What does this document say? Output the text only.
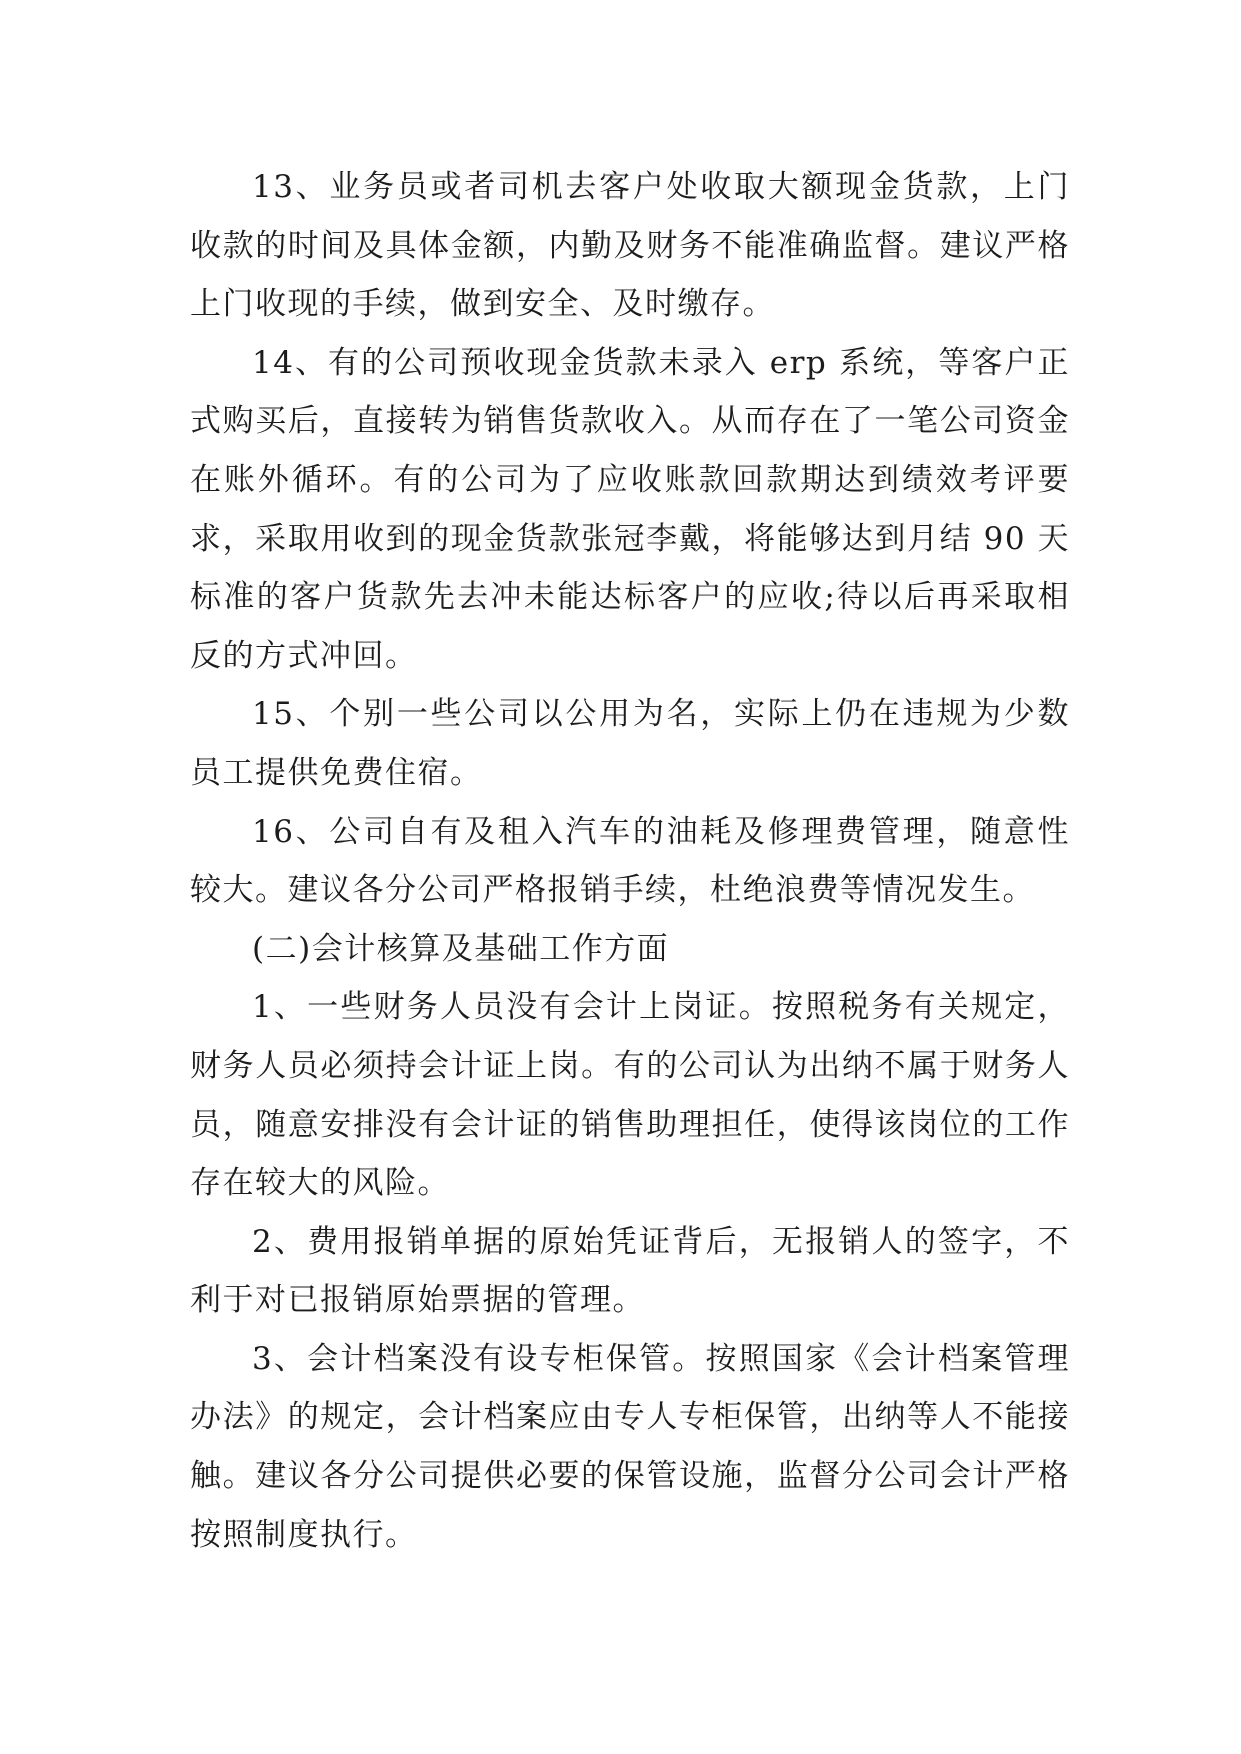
13、业务员或者司机去客户处收取大额现金货款，上门收款的时间及具体金额，内勤及财务不能准确监督。建议严格上门收现的手续，做到安全、及时缴存。

14、有的公司预收现金货款未录入 erp 系统，等客户正式购买后，直接转为销售货款收入。从而存在了一笔公司资金在账外循环。有的公司为了应收账款回款期达到绩效考评要求，采取用收到的现金货款张冠李戴，将能够达到月结 90 天标准的客户货款先去冲未能达标客户的应收;待以后再采取相反的方式冲回。

15、个别一些公司以公用为名，实际上仍在违规为少数员工提供免费住宿。

16、公司自有及租入汽车的油耗及修理费管理，随意性较大。建议各分公司严格报销手续，杜绝浪费等情况发生。

(二)会计核算及基础工作方面

1、一些财务人员没有会计上岗证。按照税务有关规定，财务人员必须持会计证上岗。有的公司认为出纳不属于财务人员，随意安排没有会计证的销售助理担任，使得该岗位的工作存在较大的风险。

2、费用报销单据的原始凭证背后，无报销人的签字，不利于对已报销原始票据的管理。

3、会计档案没有设专柜保管。按照国家《会计档案管理办法》的规定，会计档案应由专人专柜保管，出纳等人不能接触。建议各分公司提供必要的保管设施，监督分公司会计严格按照制度执行。
